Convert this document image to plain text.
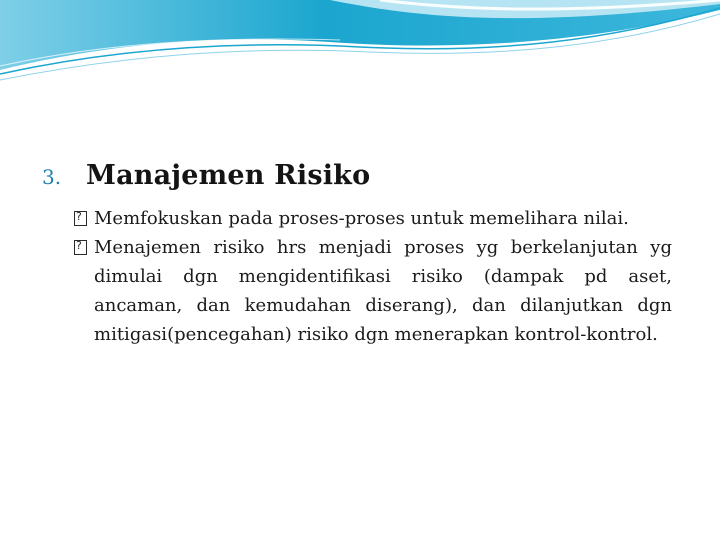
3. Manajemen Risiko
?
Memfokuskan pada proses-proses untuk memelihara nilai.
?
Menajemen risiko hrs menjadi proses yg berkelanjutan yg dimulai dgn mengidentifikasi risiko (dampak pd aset, ancaman, dan kemudahan diserang), dan dilanjutkan dgn mitigasi(pencegahan) risiko dgn menerapkan kontrol-kontrol.
